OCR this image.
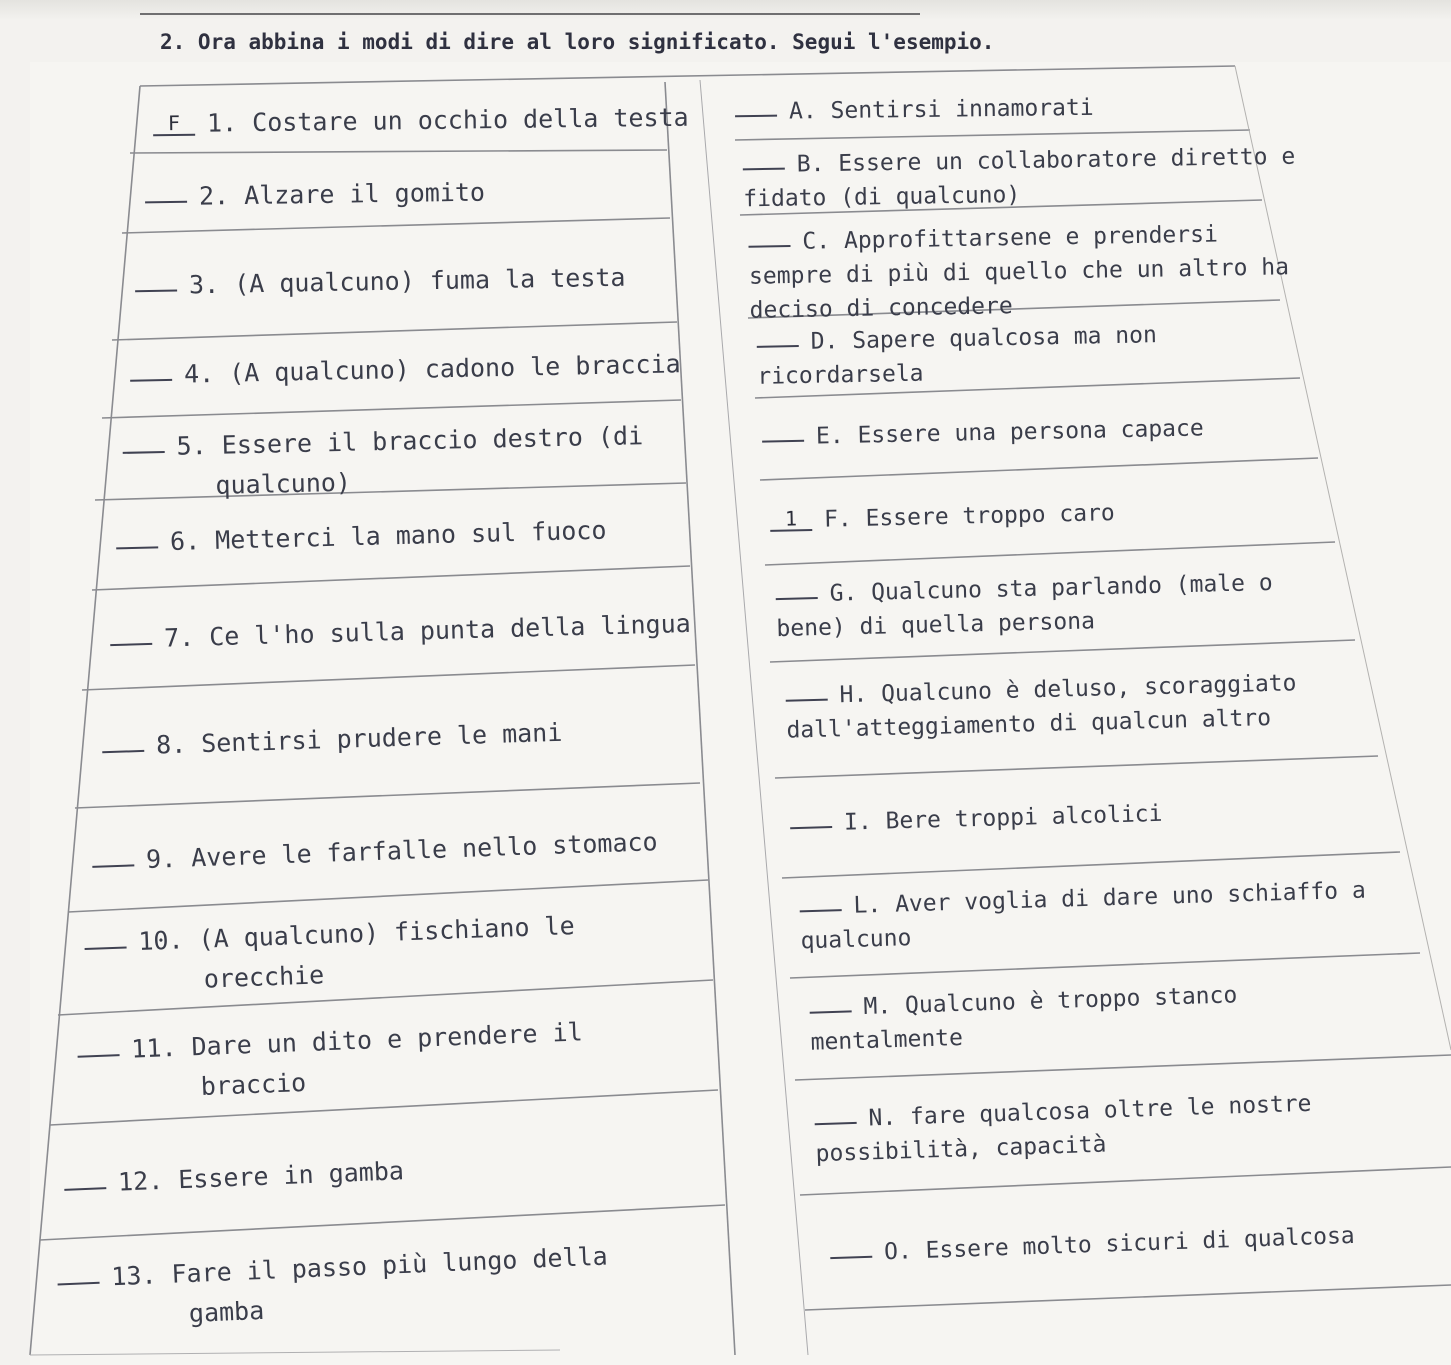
2. Ora abbina i modi di dire al loro significato. Segui l'esempio.
F 1. Costare un occhio della testa
2. Alzare il gomito
3. (A qualcuno) fuma la testa
4. (A qualcuno) cadono le braccia
5. Essere il braccio destro (di
qualcuno)
6. Metterci la mano sul fuoco
7. Ce l'ho sulla punta della lingua
8. Sentirsi prudere le mani
9. Avere le farfalle nello stomaco
10. (A qualcuno) fischiano le
orecchie
11. Dare un dito e prendere il
braccio
12. Essere in gamba
13. Fare il passo più lungo della
gamba
A. Sentirsi innamorati
B. Essere un collaboratore diretto e
fidato (di qualcuno)
C. Approfittarsene e prendersi
sempre di più di quello che un altro ha
deciso di concedere
D. Sapere qualcosa ma non
ricordarsela
E. Essere una persona capace
1 F. Essere troppo caro
G. Qualcuno sta parlando (male o
bene) di quella persona
H. Qualcuno è deluso, scoraggiato
dall'atteggiamento di qualcun altro
I. Bere troppi alcolici
L. Aver voglia di dare uno schiaffo a
qualcuno
M. Qualcuno è troppo stanco
mentalmente
N. fare qualcosa oltre le nostre
possibilità, capacità
O. Essere molto sicuri di qualcosa
